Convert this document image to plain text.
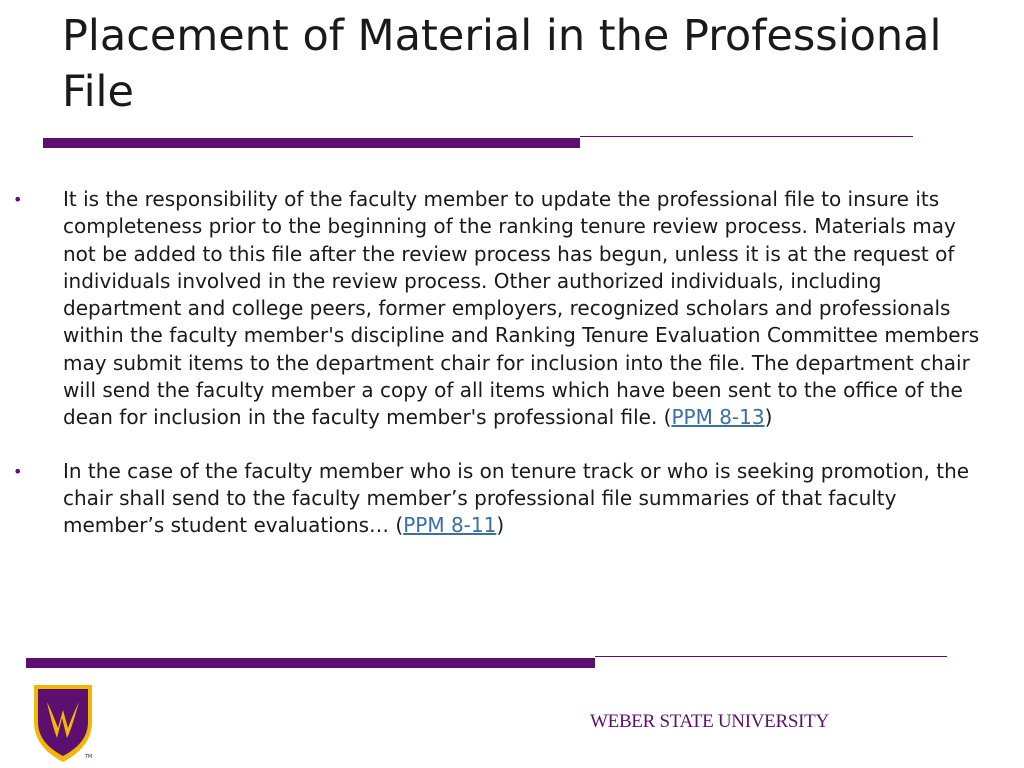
Placement of Material in the Professional File
• It is the responsibility of the faculty member to update the professional file to insure its completeness prior to the beginning of the ranking tenure review process. Materials may not be added to this file after the review process has begun, unless it is at the request of individuals involved in the review process. Other authorized individuals, including department and college peers, former employers, recognized scholars and professionals within the faculty member's discipline and Ranking Tenure Evaluation Committee members may submit items to the department chair for inclusion into the file. The department chair will send the faculty member a copy of all items which have been sent to the office of the dean for inclusion in the faculty member's professional file. (PPM 8-13)
• In the case of the faculty member who is on tenure track or who is seeking promotion, the chair shall send to the faculty member’s professional file summaries of that faculty member’s student evaluations… (PPM 8-11)
TM
WEBER STATE UNIVERSITY
